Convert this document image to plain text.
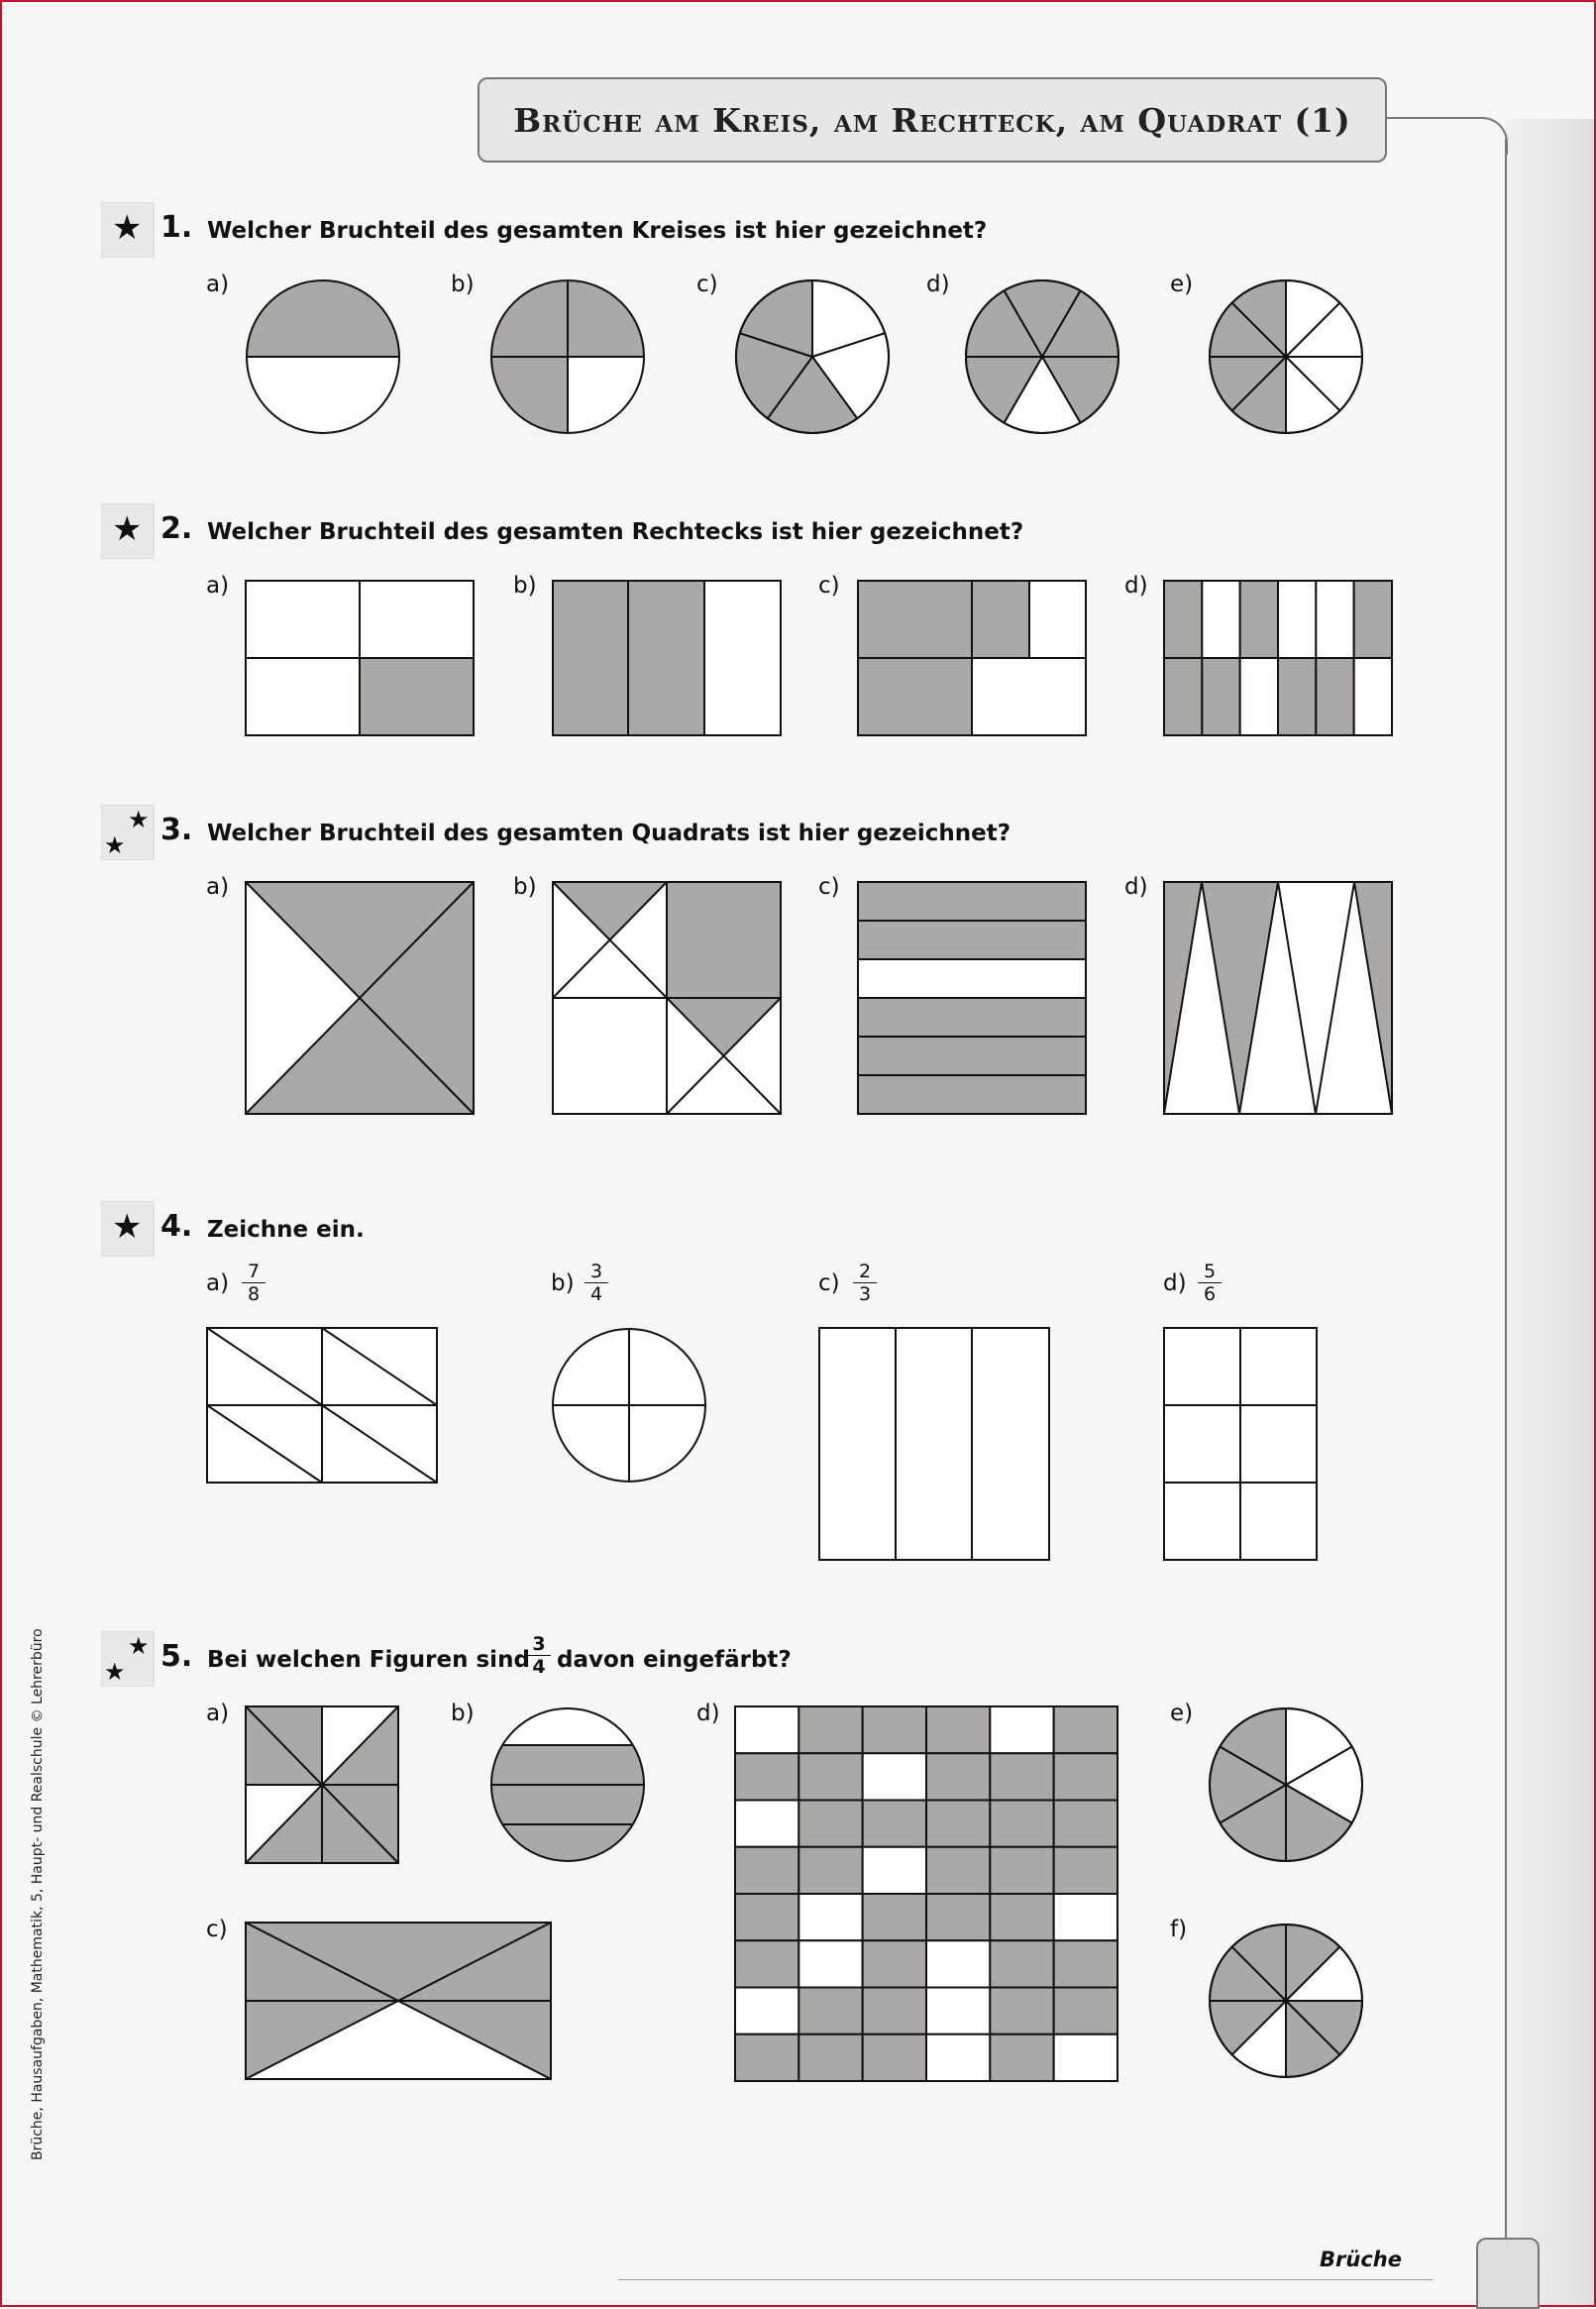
Brüche am Kreis, am Rechteck, am Quadrat (1)
★ 1. Welcher Bruchteil des gesamten Kreises ist hier gezeichnet?
a)	b)	c)	d)	e)
★ 2. Welcher Bruchteil des gesamten Rechtecks ist hier gezeichnet?
a)	b)	c)	d)
★
★ 3. Welcher Bruchteil des gesamten Quadrats ist hier gezeichnet?
a)	b)	c)	d)
★ 4. Zeichne ein.
$a) \frac{7}{8}$	$b) \frac{3}{4}$	$c) \frac{2}{3}$	$d) \frac{5}{6}$
★
★ 5. Bei welchen Figuren sind
$\frac{3}{4}$ davon eingefärbt?
a)	b)
c)
d)	e)
f)
Brüche, Hausaufgaben, Mathematik, 5, Haupt- und Realschule © Lehrerbüro
Brüche
